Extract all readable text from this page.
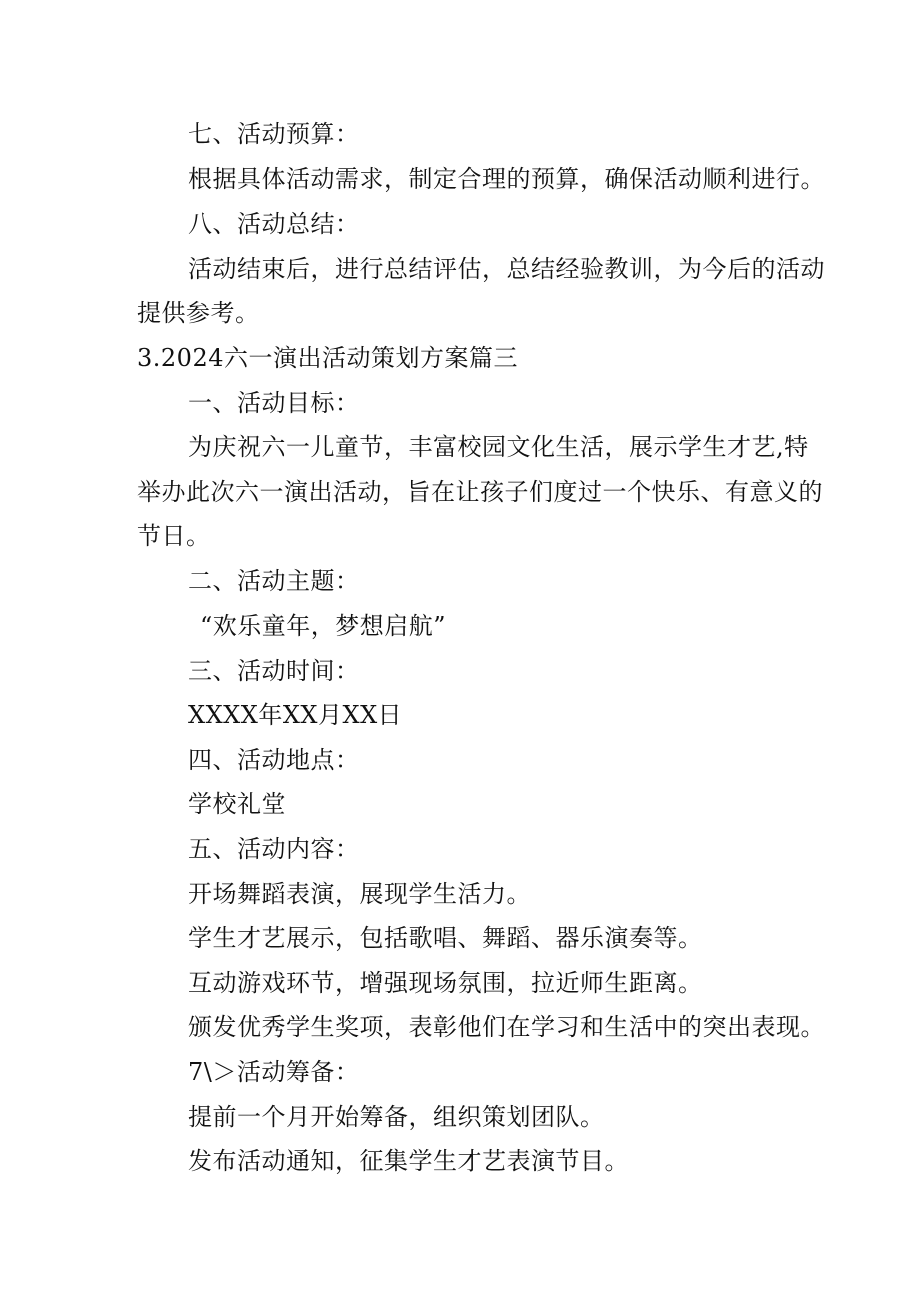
七、活动预算：
根据具体活动需求，制定合理的预算，确保活动顺利进行。
八、活动总结：
活动结束后，进行总结评估，总结经验教训，为今后的活动
提供参考。
3.2024六一演出活动策划方案篇三
一、活动目标：
为庆祝六一儿童节，丰富校园文化生活，展示学生才艺,特
举办此次六一演出活动，旨在让孩子们度过一个快乐、有意义的
节日。
二、活动主题：
“欢乐童年，梦想启航”
三、活动时间：
XXXX年XX月XX日
四、活动地点：
学校礼堂
五、活动内容：
开场舞蹈表演，展现学生活力。
学生才艺展示，包括歌唱、舞蹈、器乐演奏等。
互动游戏环节，增强现场氛围，拉近师生距离。
颁发优秀学生奖项，表彰他们在学习和生活中的突出表现。
7\＞活动筹备：
提前一个月开始筹备，组织策划团队。
发布活动通知，征集学生才艺表演节目。
